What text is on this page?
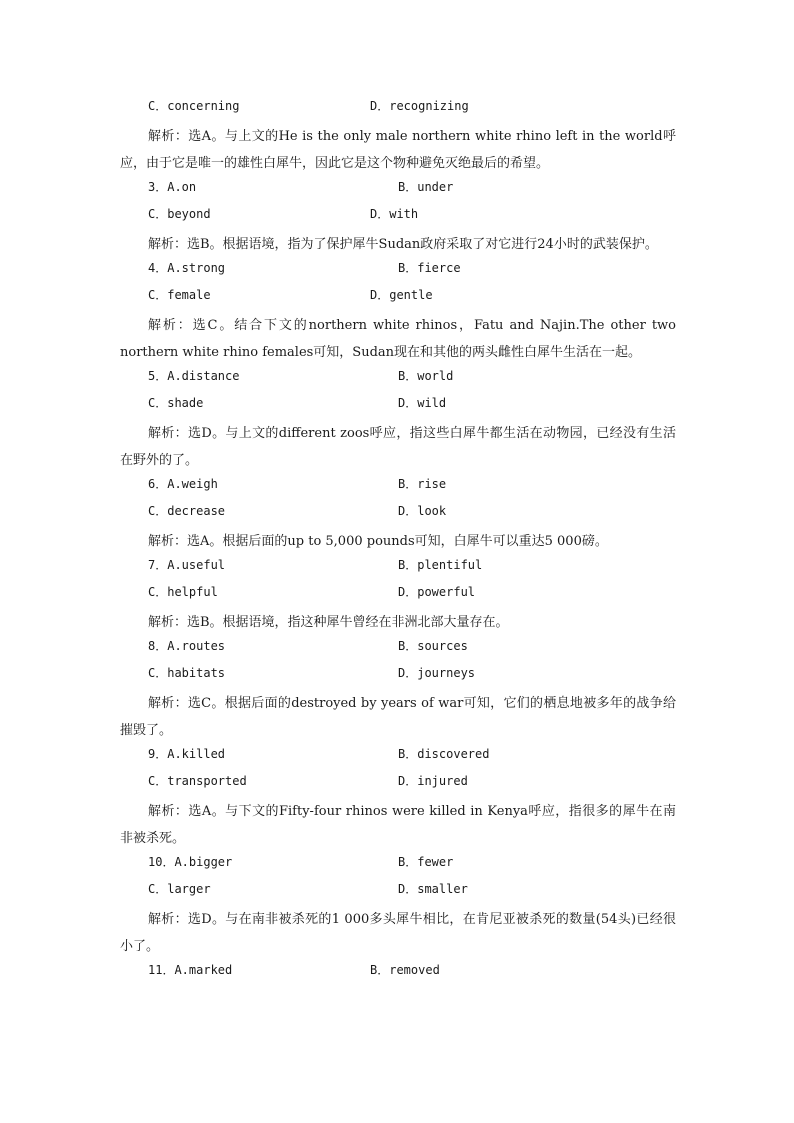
C．concerning	D．recognizing
解析：选A。与上文的He is the only male northern white rhino left in the world呼应，由于它是唯一的雄性白犀牛，因此它是这个物种避免灭绝最后的希望。
3．A.on	B．under
C．beyond	D．with
解析：选B。根据语境，指为了保护犀牛Sudan政府采取了对它进行24小时的武装保护。
4．A.strong	B．fierce
C．female	D．gentle
解析：选C。结合下文的northern white rhinos，Fatu and Najin.The other two northern white rhino females可知，Sudan现在和其他的两头雌性白犀牛生活在一起。
5．A.distance	B．world
C．shade	D．wild
解析：选D。与上文的different zoos呼应，指这些白犀牛都生活在动物园，已经没有生活在野外的了。
6．A.weigh	B．rise
C．decrease	D．look
解析：选A。根据后面的up to 5,000 pounds可知，白犀牛可以重达5 000磅。
7．A.useful	B．plentiful
C．helpful	D．powerful
解析：选B。根据语境，指这种犀牛曾经在非洲北部大量存在。
8．A.routes	B．sources
C．habitats	D．journeys
解析：选C。根据后面的destroyed by years of war可知，它们的栖息地被多年的战争给摧毁了。
9．A.killed	B．discovered
C．transported	D．injured
解析：选A。与下文的Fifty-four rhinos were killed in Kenya呼应，指很多的犀牛在南非被杀死。
10．A.bigger	B．fewer
C．larger	D．smaller
解析：选D。与在南非被杀死的1 000多头犀牛相比，在肯尼亚被杀死的数量(54头)已经很小了。
11．A.marked	B．removed
